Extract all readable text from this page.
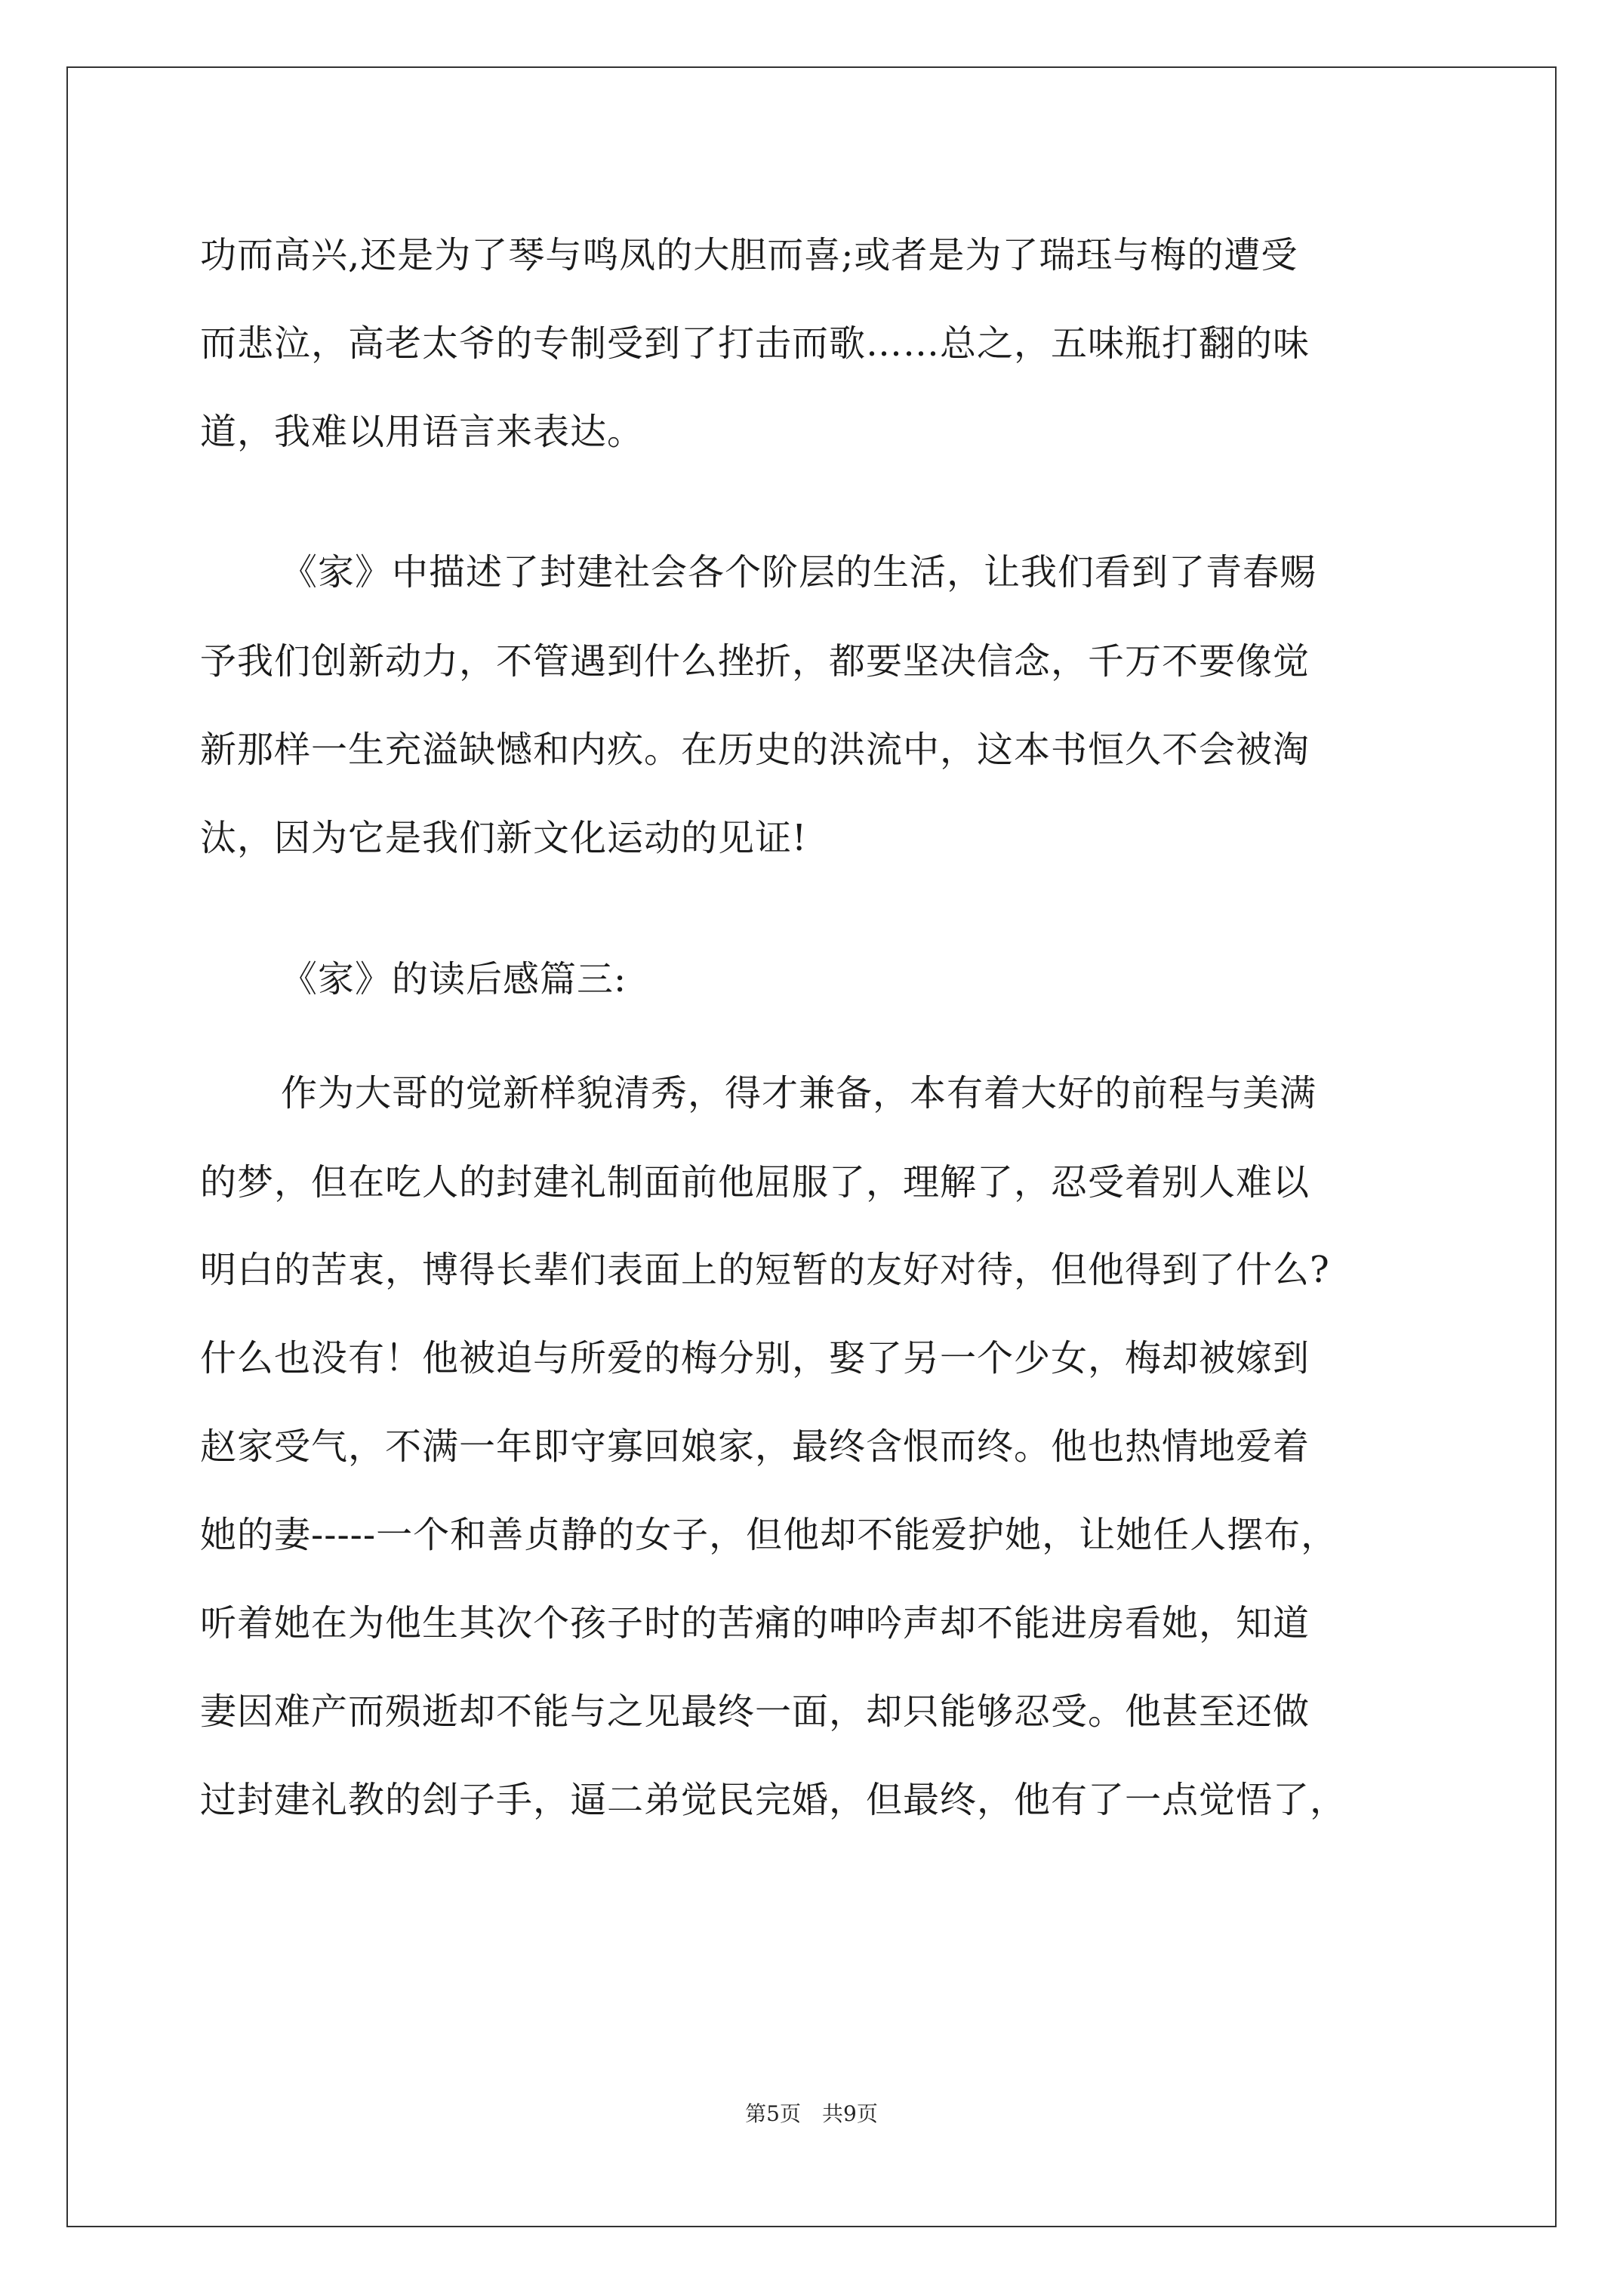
功而高兴,还是为了琴与鸣凤的大胆而喜;或者是为了瑞珏与梅的遭受
而悲泣，高老太爷的专制受到了打击而歌……总之，五味瓶打翻的味
道，我难以用语言来表达。
《家》中描述了封建社会各个阶层的生活，让我们看到了青春赐
予我们创新动力，不管遇到什么挫折，都要坚决信念，千万不要像觉
新那样一生充溢缺憾和内疚。在历史的洪流中，这本书恒久不会被淘
汰，因为它是我们新文化运动的见证!
《家》的读后感篇三:
作为大哥的觉新样貌清秀，得才兼备，本有着大好的前程与美满
的梦，但在吃人的封建礼制面前他屈服了，理解了，忍受着别人难以
明白的苦衷，博得长辈们表面上的短暂的友好对待，但他得到了什么?
什么也没有！他被迫与所爱的梅分别，娶了另一个少女，梅却被嫁到
赵家受气，不满一年即守寡回娘家，最终含恨而终。他也热情地爱着
她的妻-----一个和善贞静的女子，但他却不能爱护她，让她任人摆布，
听着她在为他生其次个孩子时的苦痛的呻吟声却不能进房看她，知道
妻因难产而殒逝却不能与之见最终一面，却只能够忍受。他甚至还做
过封建礼教的刽子手，逼二弟觉民完婚，但最终，他有了一点觉悟了，
第5页 共9页
